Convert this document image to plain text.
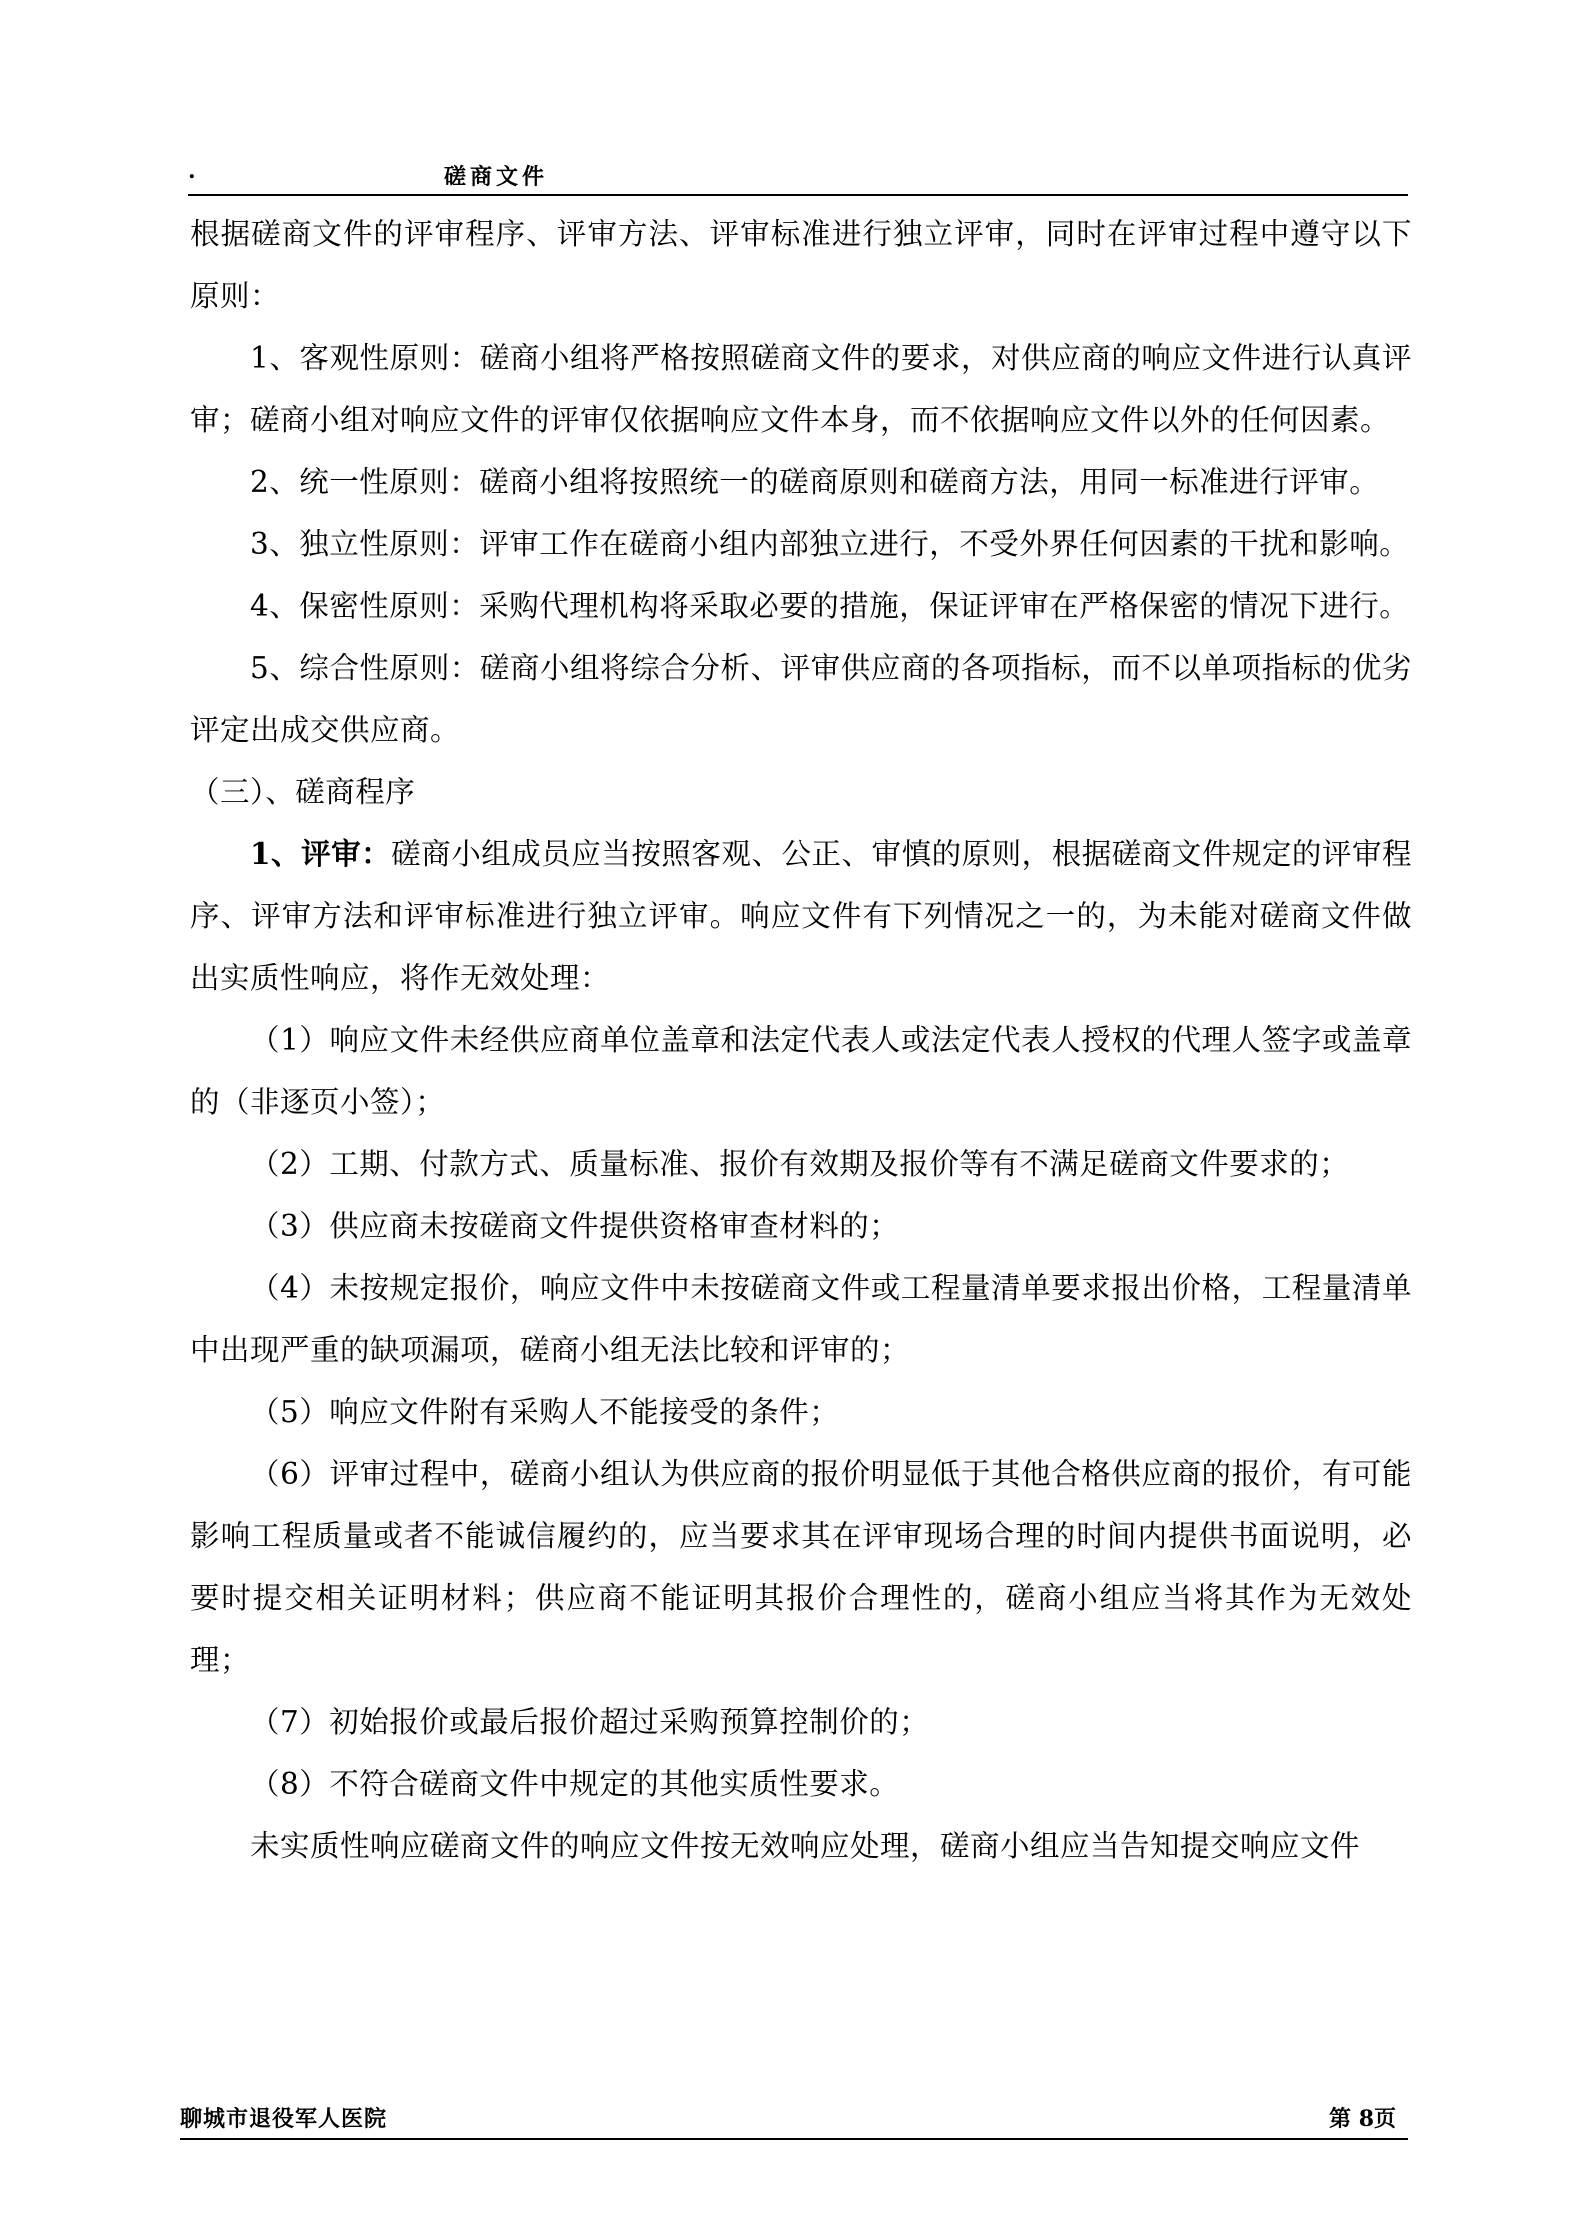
.	磋商文件

根据磋商文件的评审程序、评审方法、评审标准进行独立评审，同时在评审过程中遵守以下原则：

1、客观性原则：磋商小组将严格按照磋商文件的要求，对供应商的响应文件进行认真评审；磋商小组对响应文件的评审仅依据响应文件本身，而不依据响应文件以外的任何因素。

2、统一性原则：磋商小组将按照统一的磋商原则和磋商方法，用同一标准进行评审。

3、独立性原则：评审工作在磋商小组内部独立进行，不受外界任何因素的干扰和影响。

4、保密性原则：采购代理机构将采取必要的措施，保证评审在严格保密的情况下进行。

5、综合性原则：磋商小组将综合分析、评审供应商的各项指标，而不以单项指标的优劣评定出成交供应商。

（三）、磋商程序

1、评审：磋商小组成员应当按照客观、公正、审慎的原则，根据磋商文件规定的评审程序、评审方法和评审标准进行独立评审。响应文件有下列情况之一的，为未能对磋商文件做出实质性响应，将作无效处理：

（1）响应文件未经供应商单位盖章和法定代表人或法定代表人授权的代理人签字或盖章的（非逐页小签）；

（2）工期、付款方式、质量标准、报价有效期及报价等有不满足磋商文件要求的；

（3）供应商未按磋商文件提供资格审查材料的；

（4）未按规定报价，响应文件中未按磋商文件或工程量清单要求报出价格，工程量清单中出现严重的缺项漏项，磋商小组无法比较和评审的；

（5）响应文件附有采购人不能接受的条件；

（6）评审过程中，磋商小组认为供应商的报价明显低于其他合格供应商的报价，有可能影响工程质量或者不能诚信履约的，应当要求其在评审现场合理的时间内提供书面说明，必要时提交相关证明材料；供应商不能证明其报价合理性的，磋商小组应当将其作为无效处理；

（7）初始报价或最后报价超过采购预算控制价的；

（8）不符合磋商文件中规定的其他实质性要求。

未实质性响应磋商文件的响应文件按无效响应处理，磋商小组应当告知提交响应文件

聊城市退役军人医院	第 8页
